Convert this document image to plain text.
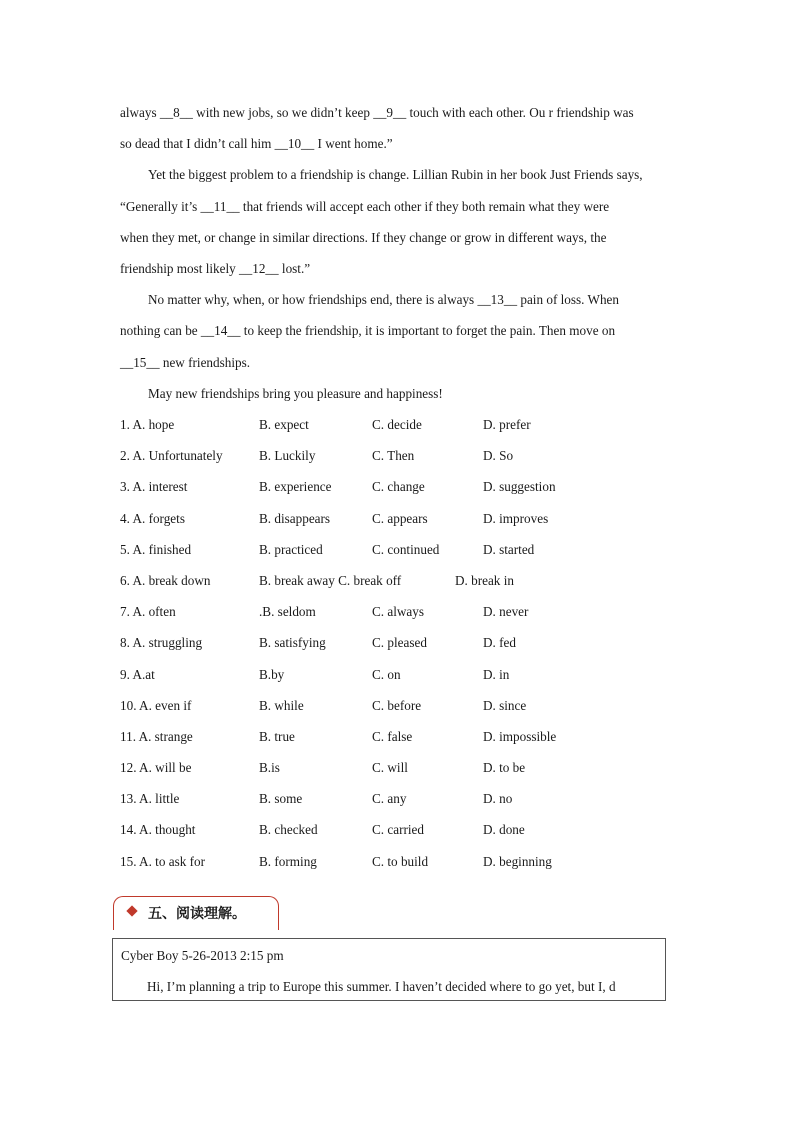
always __8__ with new jobs, so we didn’t keep __9__ touch with each other. Ou r friendship was
so dead that I didn’t call him __10__ I went home.”
Yet the biggest problem to a friendship is change. Lillian Rubin in her book Just Friends says,
“Generally it’s __11__ that friends will accept each other if they both remain what they were
when they met, or change in similar directions. If they change or grow in different ways, the
friendship most likely __12__ lost.”
No matter why, when, or how friendships end, there is always __13__ pain of loss. When
nothing can be __14__ to keep the friendship, it is important to forget the pain. Then move on
__15__ new friendships.
May new friendships bring you pleasure and happiness!
1. A. hope	B. expect	C. decide	D. prefer
2. A. Unfortunately	B. Luckily	C. Then	D. So
3. A. interest	B. experience	C. change	D. suggestion
4. A. forgets	B. disappears	C. appears	D. improves
5. A. finished	B. practiced	C. continued	D. started
6. A. break down	B. break away C. break off	D. break in
7. A. often	.B. seldom	C. always	D. never
8. A. struggling	B. satisfying	C. pleased	D. fed
9. A.at	B.by	C. on	D. in
10. A. even if	B. while	C. before	D. since
11. A. strange	B. true	C. false	D. impossible
12. A. will be	B.is	C. will	D. to be
13. A. little	B. some	C. any	D. no
14. A. thought	B. checked	C. carried	D. done
15. A. to ask for	B. forming	C. to build	D. beginning
五、阅读理解。
Cyber Boy 5-26-2013 2:15 pm
Hi, I’m planning a trip to Europe this summer. I haven’t decided where to go yet, but I, d
